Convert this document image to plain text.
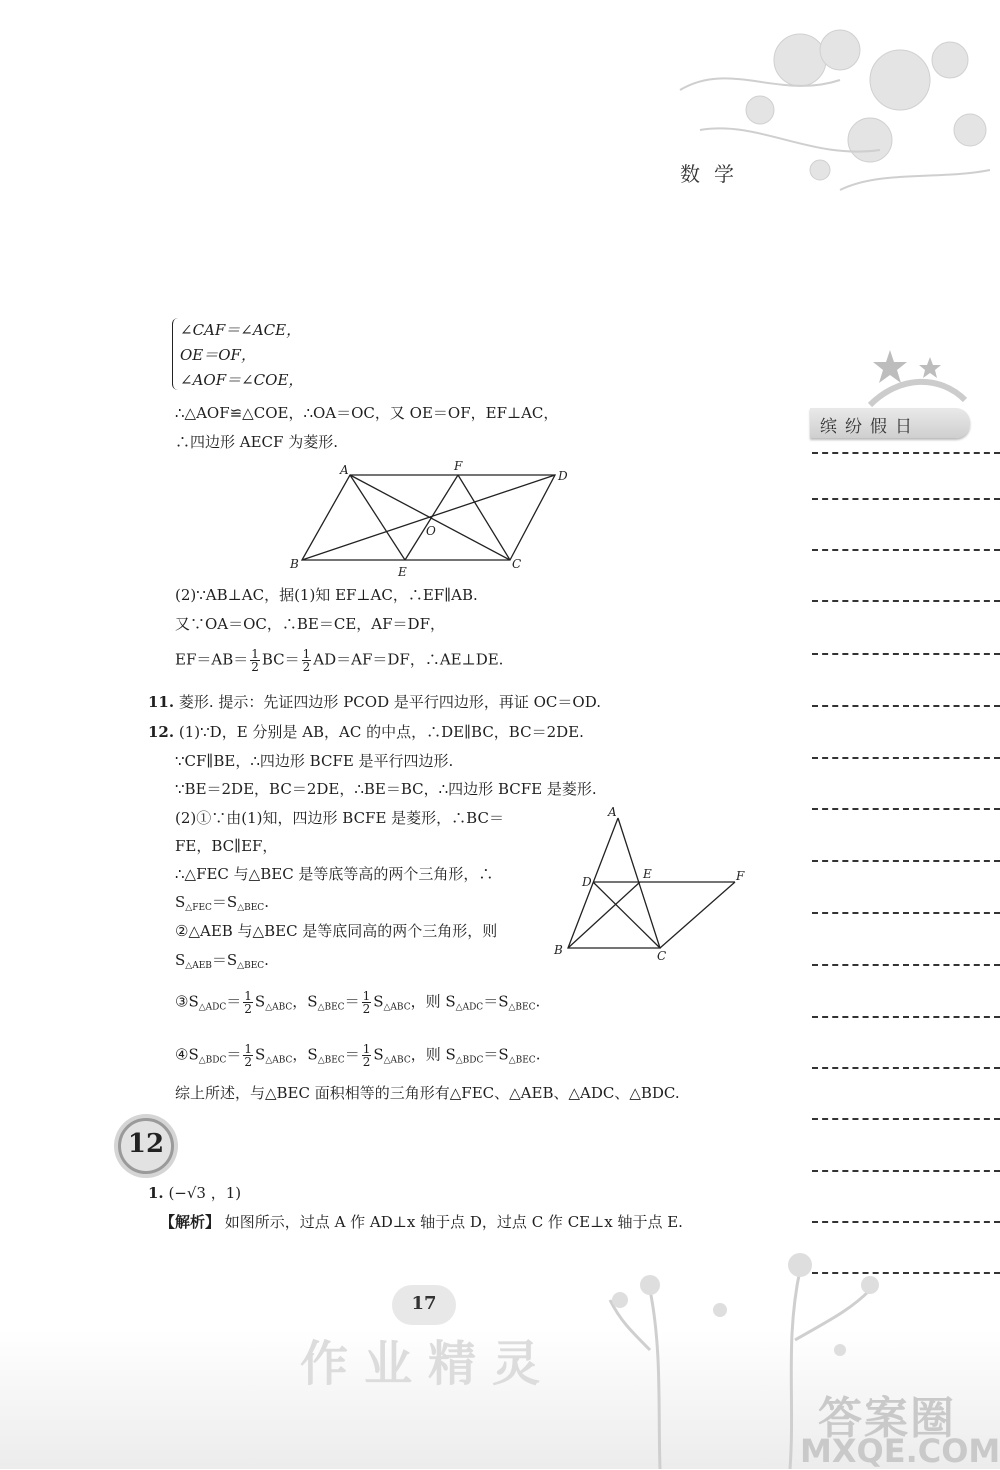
数学
缤纷假日
∠CAF＝∠ACE，
OE＝OF，
∠AOF＝∠COE，
∴△AOF≌△COE，∴OA＝OC，又 OE＝OF，EF⊥AC，
∴四边形 AECF 为菱形.
A	F
D
O
B
E
C
(2)∵AB⊥AC，据(1)知 EF⊥AC，∴EF∥AB.
又∵OA＝OC，∴BE＝CE，AF＝DF，
$EF=AB= \frac{1}{2} BC= \frac{1}{2} AD=AF=DF$，∴AE⊥DE.
11. 菱形. 提示：先证四边形 PCOD 是平行四边形，再证 OC＝OD.
12. (1)∵D，E 分别是 AB，AC 的中点，∴DE∥BC，BC＝2DE.
∵CF∥BE，∴四边形 BCFE 是平行四边形.
∵BE＝2DE，BC＝2DE，∴BE＝BC，∴四边形 BCFE 是菱形.
(2)①∵由(1)知，四边形 BCFE 是菱形，∴BC＝
FE，BC∥EF，
∴△FEC 与△BEC 是等底等高的两个三角形，∴
$S_{\triangle FEC}=S_{\triangle BEC}$.
②△AEB 与△BEC 是等底同高的两个三角形，则
$S_{\triangle AEB}=S_{\triangle BEC}$.
A
D
E	F
B	C
$③S_{\triangle ADC}= \frac{1}{2} S_{\triangle ABC}$，$S_{\triangle BEC}= \frac{1}{2} S_{\triangle ABC}$，则 $S_{\triangle ADC}=S_{\triangle BEC}$.
$④S_{\triangle BDC}= \frac{1}{2} S_{\triangle ABC}$，$S_{\triangle BEC}= \frac{1}{2} S_{\triangle ABC}$，则 $S_{\triangle BDC}=S_{\triangle BEC}$.
综上所述，与△BEC 面积相等的三角形有△FEC、△AEB、△ADC、△BDC.
12
1. (−√3 ，1)
【解析】 如图所示，过点 A 作 AD⊥x 轴于点 D，过点 C 作 CE⊥x 轴于点 E.
17
作业精灵
答案圈
MXQE.COM
